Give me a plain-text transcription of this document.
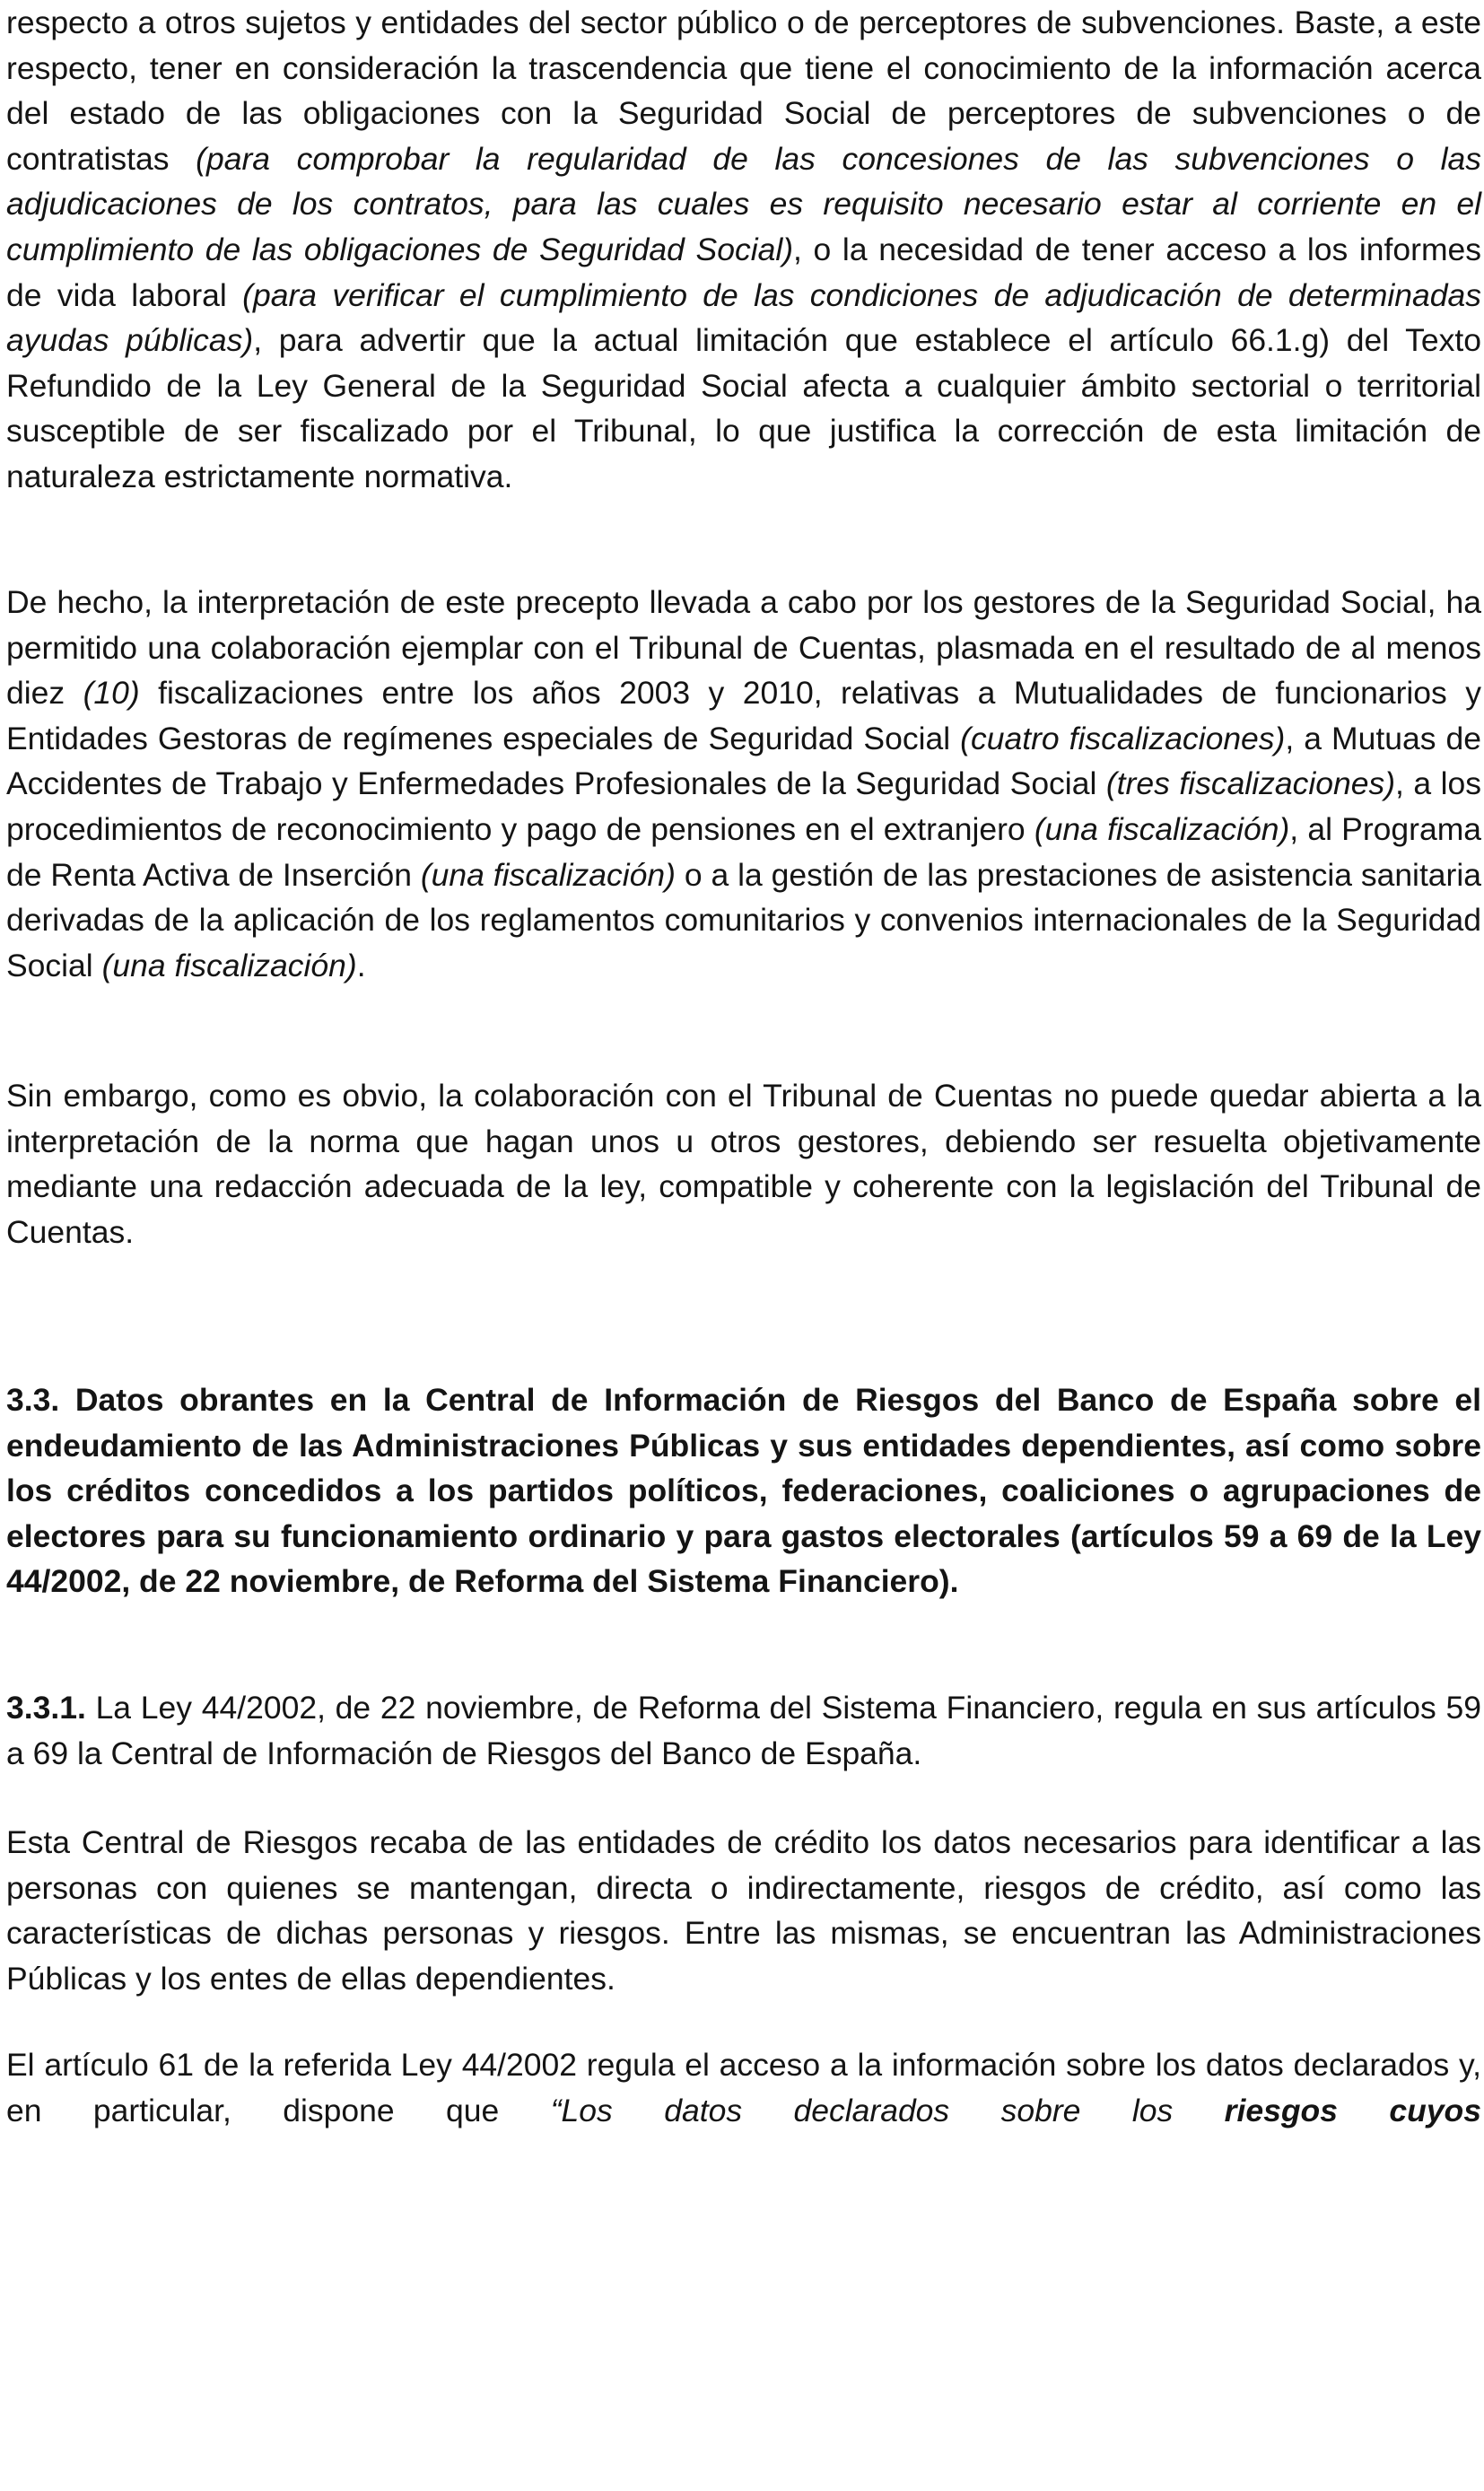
respecto a otros sujetos y entidades del sector público o de perceptores de subvenciones. Baste, a este respecto, tener en consideración la trascendencia que tiene el conocimiento de la información acerca del estado de las obligaciones con la Seguridad Social de perceptores de subvenciones o de contratistas (para comprobar la regularidad de las concesiones de las subvenciones o las adjudicaciones de los contratos, para las cuales es requisito necesario estar al corriente en el cumplimiento de las obligaciones de Seguridad Social), o la necesidad de tener acceso a los informes de vida laboral (para verificar el cumplimiento de las condiciones de adjudicación de determinadas ayudas públicas), para advertir que la actual limitación que establece el artículo 66.1.g) del Texto Refundido de la Ley General de la Seguridad Social afecta a cualquier ámbito sectorial o territorial susceptible de ser fiscalizado por el Tribunal, lo que justifica la corrección de esta limitación de naturaleza estrictamente normativa.

De hecho, la interpretación de este precepto llevada a cabo por los gestores de la Seguridad Social, ha permitido una colaboración ejemplar con el Tribunal de Cuentas, plasmada en el resultado de al menos diez (10) fiscalizaciones entre los años 2003 y 2010, relativas a Mutualidades de funcionarios y Entidades Gestoras de regímenes especiales de Seguridad Social (cuatro fiscalizaciones), a Mutuas de Accidentes de Trabajo y Enfermedades Profesionales de la Seguridad Social (tres fiscalizaciones), a los procedimientos de reconocimiento y pago de pensiones en el extranjero (una fiscalización), al Programa de Renta Activa de Inserción (una fiscalización) o a la gestión de las prestaciones de asistencia sanitaria derivadas de la aplicación de los reglamentos comunitarios y convenios internacionales de la Seguridad Social (una fiscalización).

Sin embargo, como es obvio, la colaboración con el Tribunal de Cuentas no puede quedar abierta a la interpretación de la norma que hagan unos u otros gestores, debiendo ser resuelta objetivamente mediante una redacción adecuada de la ley, compatible y coherente con la legislación del Tribunal de Cuentas.

3.3. Datos obrantes en la Central de Información de Riesgos del Banco de España sobre el endeudamiento de las Administraciones Públicas y sus entidades dependientes, así como sobre los créditos concedidos a los partidos políticos, federaciones, coaliciones o agrupaciones de electores para su funcionamiento ordinario y para gastos electorales (artículos 59 a 69 de la Ley 44/2002, de 22 noviembre, de Reforma del Sistema Financiero).

3.3.1. La Ley 44/2002, de 22 noviembre, de Reforma del Sistema Financiero, regula en sus artículos 59 a 69 la Central de Información de Riesgos del Banco de España.

Esta Central de Riesgos recaba de las entidades de crédito los datos necesarios para identificar a las personas con quienes se mantengan, directa o indirectamente, riesgos de crédito, así como las características de dichas personas y riesgos. Entre las mismas, se encuentran las Administraciones Públicas y los entes de ellas dependientes.

El artículo 61 de la referida Ley 44/2002 regula el acceso a la información sobre los datos declarados y, en particular, dispone que “Los datos declarados sobre los riesgos cuyos
